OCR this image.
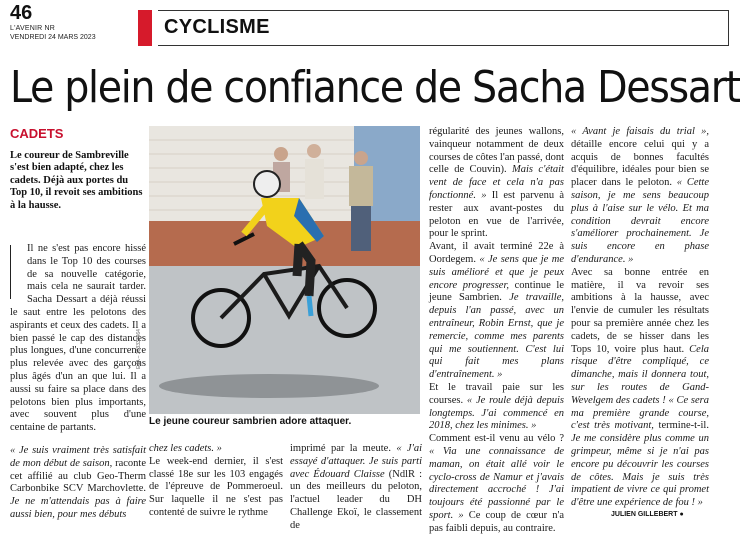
46
L'AVENIR NR
VENDREDI 24 MARS 2023	CYCLISME
Le plein de confiance de Sacha Dessart
CADETS
Le coureur de Sambreville s'est bien adapté, chez les cadets. Déjà aux portes du Top 10, il revoit ses ambitions à la hausse.

Il ne s'est pas encore hissé dans le Top 10 des courses de sa nouvelle catégorie, mais cela ne saurait tarder. Sacha Dessart a déjà réussi le saut entre les pelotons des aspirants et ceux des cadets. Il a bien passé le cap des distances plus longues, d'une concurrence plus relevée avec des garçons plus âgés d'un an que lui. Il a aussi su faire sa place dans des pelotons bien plus importants, avec souvent plus d'une centaine de partants.

« Je suis vraiment très satisfait de mon début de saison, raconte cet affilié au club Geo-Therm Carbonbike SCV Marchovlette. Je ne m'attendais pas à faire aussi bien, pour mes débuts

EdA – 303332464
Le jeune coureur sambrien adore attaquer.

chez les cadets. »

Le week-end dernier, il s'est classé 18e sur les 103 engagés de l'épreuve de Pommeroeul. Sur laquelle il ne s'est pas contenté de suivre le rythme

imprimé par la meute. « J'ai essayé d'attaquer. Je suis parti avec Édouard Claisse (NdlR : un des meilleurs du peloton, l'actuel leader du DH Challenge Ekoï, le classement de

régularité des jeunes wallons, vainqueur notamment de deux courses de côtes l'an passé, dont celle de Couvin). Mais c'était vent de face et cela n'a pas fonctionné. » Il est parvenu à rester aux avant-postes du peloton en vue de l'arrivée, pour le sprint.

Avant, il avait terminé 22e à Oordegem. « Je sens que je me suis amélioré et que je peux encore progresser, continue le jeune Sambrien. Je travaille, depuis l'an passé, avec un entraîneur, Robin Ernst, que je remercie, comme mes parents qui me soutiennent. C'est lui qui fait mes plans d'entraînement. »

Et le travail paie sur les courses. « Je roule déjà depuis longtemps. J'ai commencé en 2018, chez les minimes. »

Comment est-il venu au vélo ? « Via une connaissance de maman, on était allé voir le cyclo-cross de Namur et j'avais directement accroché ! J'ai toujours été passionné par le sport. » Ce coup de cœur n'a pas faibli depuis, au contraire.

« Avant je faisais du trial », détaille encore celui qui y a acquis de bonnes facultés d'équilibre, idéales pour bien se placer dans le peloton. « Cette saison, je me sens beaucoup plus à l'aise sur le vélo. Et ma condition devrait encore s'améliorer prochainement. Je suis encore en phase d'endurance. »

Avec sa bonne entrée en matière, il va revoir ses ambitions à la hausse, avec l'envie de cumuler les résultats pour sa première année chez les cadets, de se hisser dans les Tops 10, voire plus haut. Cela risque d'être compliqué, ce dimanche, mais il donnera tout, sur les routes de Gand-Wevelgem des cadets ! « Ce sera ma première grande course, c'est très motivant, termine-t-il. Je me considère plus comme un grimpeur, même si je n'ai pas encore pu découvrir les courses de côtes. Mais je suis très impatient de vivre ce qui promet d'être une expérience de fou ! »

JULIEN GILLEBERT ●
